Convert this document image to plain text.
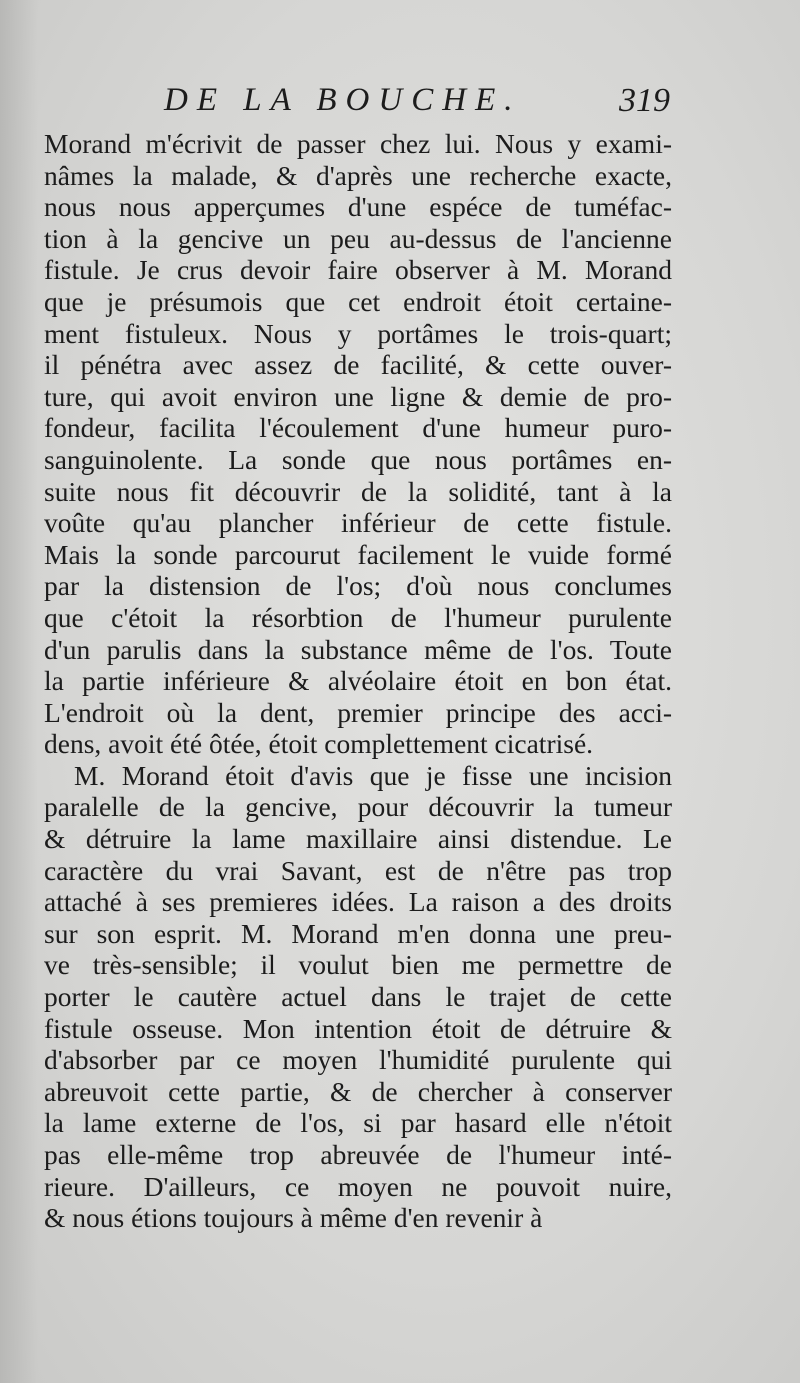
DE LA BOUCHE.	319
Morand m'écrivit de passer chez lui. Nous y exami-
nâmes la malade, & d'après une recherche exacte,
nous nous apperçumes d'une espéce de tuméfac-
tion à la gencive un peu au-dessus de l'ancienne
fistule. Je crus devoir faire observer à M. Morand
que je présumois que cet endroit étoit certaine-
ment fistuleux. Nous y portâmes le trois-quart;
il pénétra avec assez de facilité, & cette ouver-
ture, qui avoit environ une ligne & demie de pro-
fondeur, facilita l'écoulement d'une humeur puro-
sanguinolente. La sonde que nous portâmes en-
suite nous fit découvrir de la solidité, tant à la
voûte qu'au plancher inférieur de cette fistule.
Mais la sonde parcourut facilement le vuide formé
par la distension de l'os; d'où nous conclumes
que c'étoit la résorbtion de l'humeur purulente
d'un parulis dans la substance même de l'os. Toute
la partie inférieure & alvéolaire étoit en bon état.
L'endroit où la dent, premier principe des acci-
dens, avoit été ôtée, étoit complettement cicatrisé.
M. Morand étoit d'avis que je fisse une incision
paralelle de la gencive, pour découvrir la tumeur
& détruire la lame maxillaire ainsi distendue. Le
caractère du vrai Savant, est de n'être pas trop
attaché à ses premieres idées. La raison a des droits
sur son esprit. M. Morand m'en donna une preu-
ve très-sensible; il voulut bien me permettre de
porter le cautère actuel dans le trajet de cette
fistule osseuse. Mon intention étoit de détruire &
d'absorber par ce moyen l'humidité purulente qui
abreuvoit cette partie, & de chercher à conserver
la lame externe de l'os, si par hasard elle n'étoit
pas elle-même trop abreuvée de l'humeur inté-
rieure. D'ailleurs, ce moyen ne pouvoit nuire,
& nous étions toujours à même d'en revenir à
